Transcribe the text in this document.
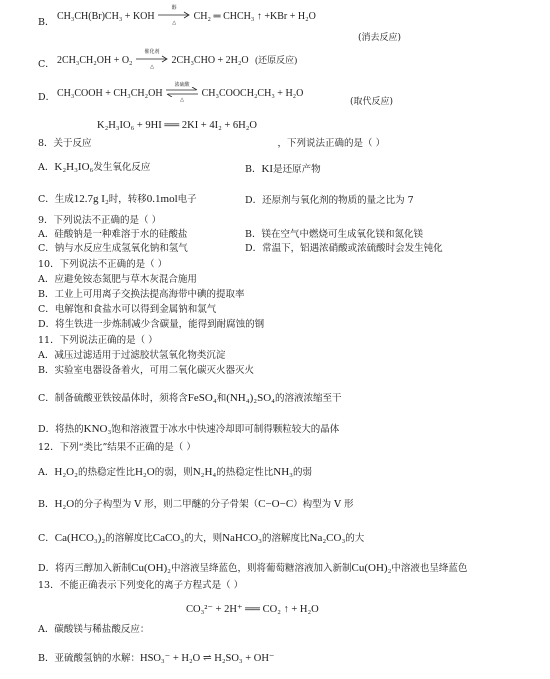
B．
CH₃CH(Br)CH₃ + KOH
醇
△
CH₂ ═ CHCH₃ ↑ +KBr + H₂O
(消去反应)
C． 2CH₃CH₂OH + O₂
催化剂
△
2CH₃CHO + 2H₂O (还原反应)
D． CH₃COOH + CH₃CH₂OH
浓硫酸
△
CH₃COOCH₂CH₃ + H₂O
(取代反应)
K₂H₃IO₆ + 9HI ══ 2KI + 4I₂ + 6H₂O
8．关于反应	，下列说法正确的是（ ）
A．K₂H₃IO₆发生氧化反应	B．KI是还原产物
C．生成12.7g I₂时，转移0.1mol电子	D．还原剂与氧化剂的物质的量之比为 7
9．下列说法不正确的是（ ）
A．硅酸钠是一种难溶于水的硅酸盐	B．镁在空气中燃烧可生成氧化镁和氮化镁
C．钠与水反应生成氢氧化钠和氢气	D．常温下，铝遇浓硝酸或浓硫酸时会发生钝化
10．下列说法不正确的是（ ）
A．应避免铵态氮肥与草木灰混合施用
B．工业上可用离子交换法提高海带中碘的提取率
C．电解饱和食盐水可以得到金属钠和氯气
D．将生铁进一步炼制减少含碳量，能得到耐腐蚀的钢
11．下列说法正确的是（ ）
A．减压过滤适用于过滤胶状氢氧化物类沉淀
B．实验室电器设备着火，可用二氧化碳灭火器灭火
C．制备硫酸亚铁铵晶体时，须将含FeSO₄和(NH₄)₂SO₄的溶液浓缩至干
D．将热的KNO₃饱和溶液置于冰水中快速冷却即可制得颗粒较大的晶体
12．下列“类比”结果不正确的是（ ）
A．H₂O₂的热稳定性比H₂O的弱，则N₂H₄的热稳定性比NH₃的弱
B．H₂O的分子构型为 V 形，则二甲醚的分子骨架（C−O−C）构型为 V 形
C．Ca(HCO₃)₂的溶解度比CaCO₃的大，则NaHCO₃的溶解度比Na₂CO₃的大
D．将丙三醇加入新制Cu(OH)₂中溶液呈绛蓝色，则将葡萄糖溶液加入新制Cu(OH)₂中溶液也呈绛蓝色
13．不能正确表示下列变化的离子方程式是（ ）
CO₃²⁻ + 2H⁺ ══ CO₂ ↑ + H₂O
A．碳酸镁与稀盐酸反应：
B．亚硫酸氢钠的水解：HSO₃⁻ + H₂O ⇌ H₂SO₃ + OH⁻
